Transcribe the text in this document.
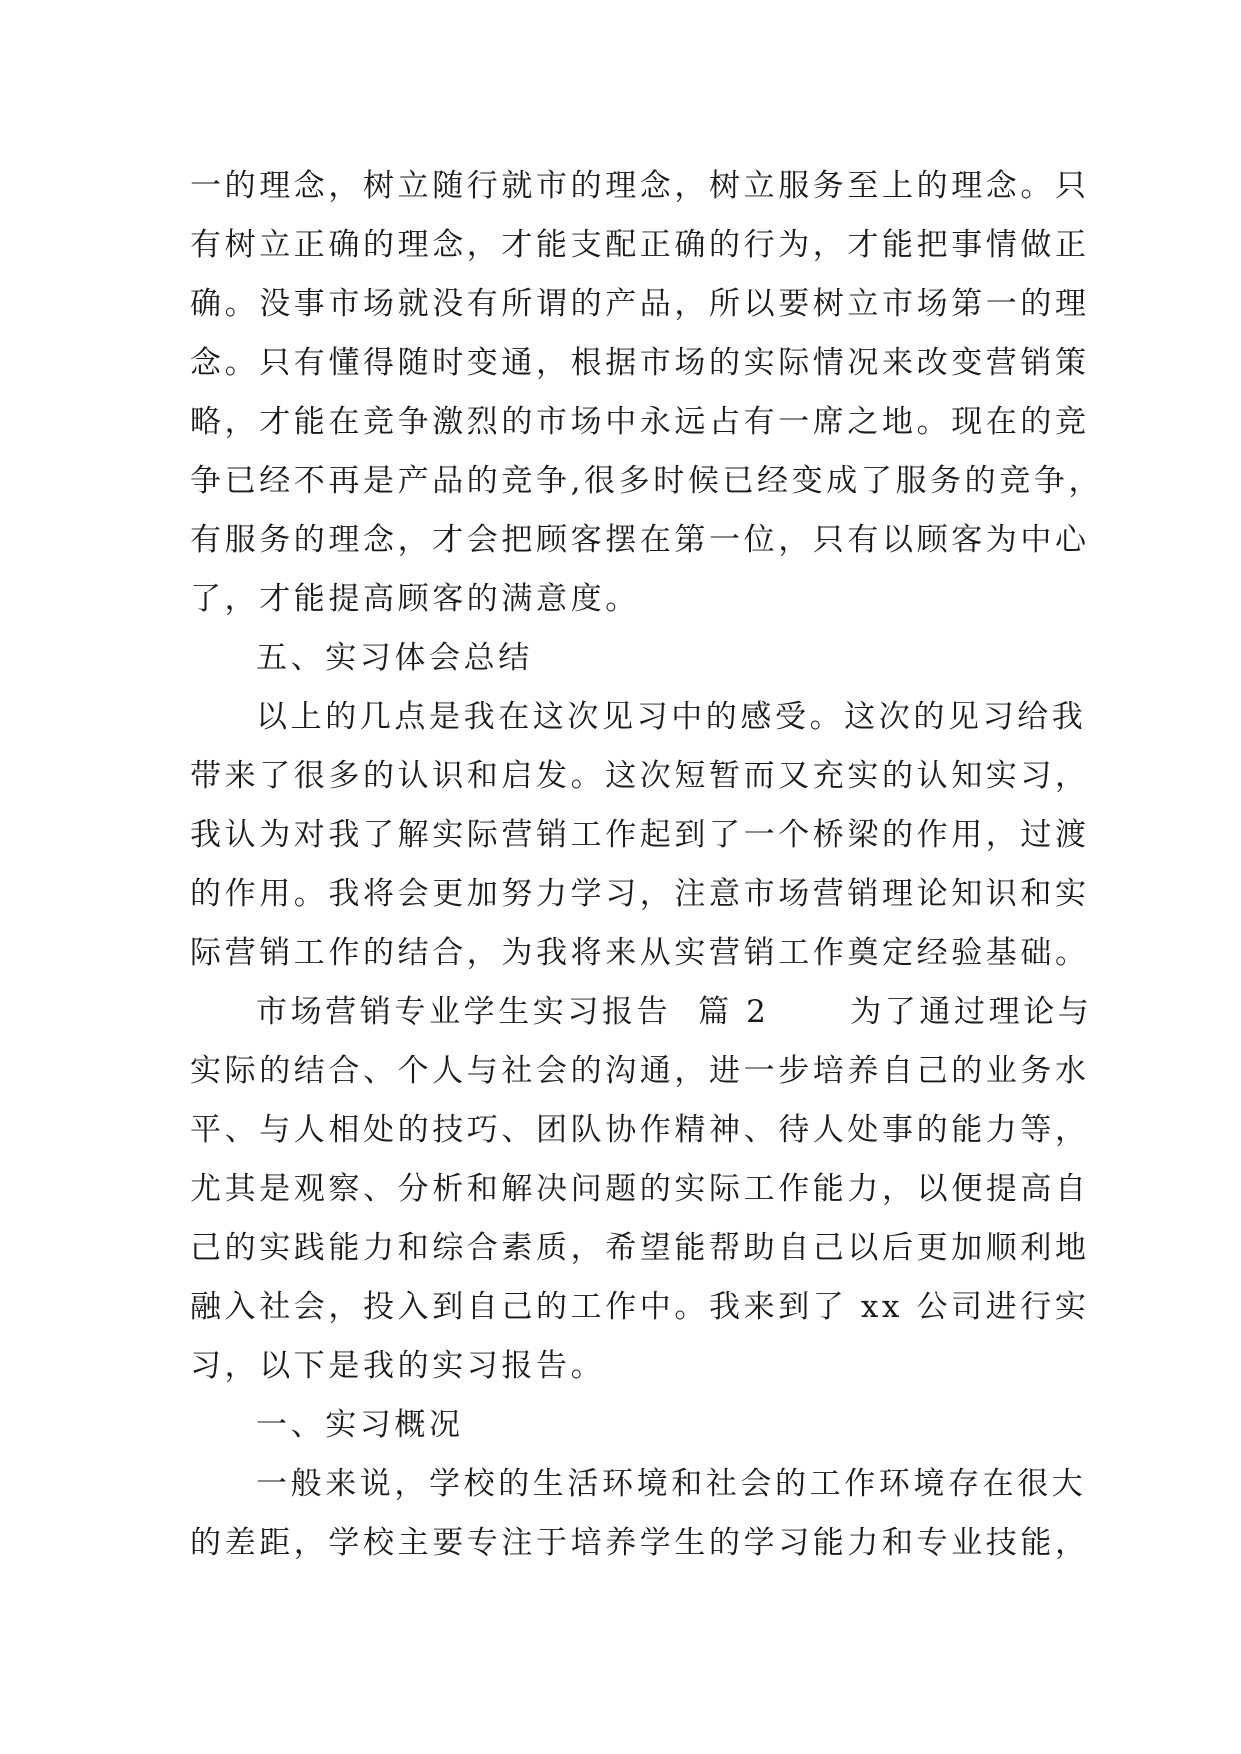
一的理念，树立随行就市的理念，树立服务至上的理念。只
有树立正确的理念，才能支配正确的行为，才能把事情做正
确。没事市场就没有所谓的产品，所以要树立市场第一的理
念。只有懂得随时变通，根据市场的实际情况来改变营销策
略，才能在竞争激烈的市场中永远占有一席之地。现在的竞
争已经不再是产品的竞争,很多时候已经变成了服务的竞争，
有服务的理念，才会把顾客摆在第一位，只有以顾客为中心
了，才能提高顾客的满意度。
五、实习体会总结
以上的几点是我在这次见习中的感受。这次的见习给我
带来了很多的认识和启发。这次短暂而又充实的认知实习，
我认为对我了解实际营销工作起到了一个桥梁的作用，过渡
的作用。我将会更加努力学习，注意市场营销理论知识和实
际营销工作的结合，为我将来从实营销工作奠定经验基础。
市场营销专业学生实习报告  篇 2      为了通过理论与
实际的结合、个人与社会的沟通，进一步培养自己的业务水
平、与人相处的技巧、团队协作精神、待人处事的能力等，
尤其是观察、分析和解决问题的实际工作能力，以便提高自
己的实践能力和综合素质，希望能帮助自己以后更加顺利地
融入社会，投入到自己的工作中。我来到了 xx 公司进行实
习，以下是我的实习报告。
一、实习概况
一般来说，学校的生活环境和社会的工作环境存在很大
的差距，学校主要专注于培养学生的学习能力和专业技能，
